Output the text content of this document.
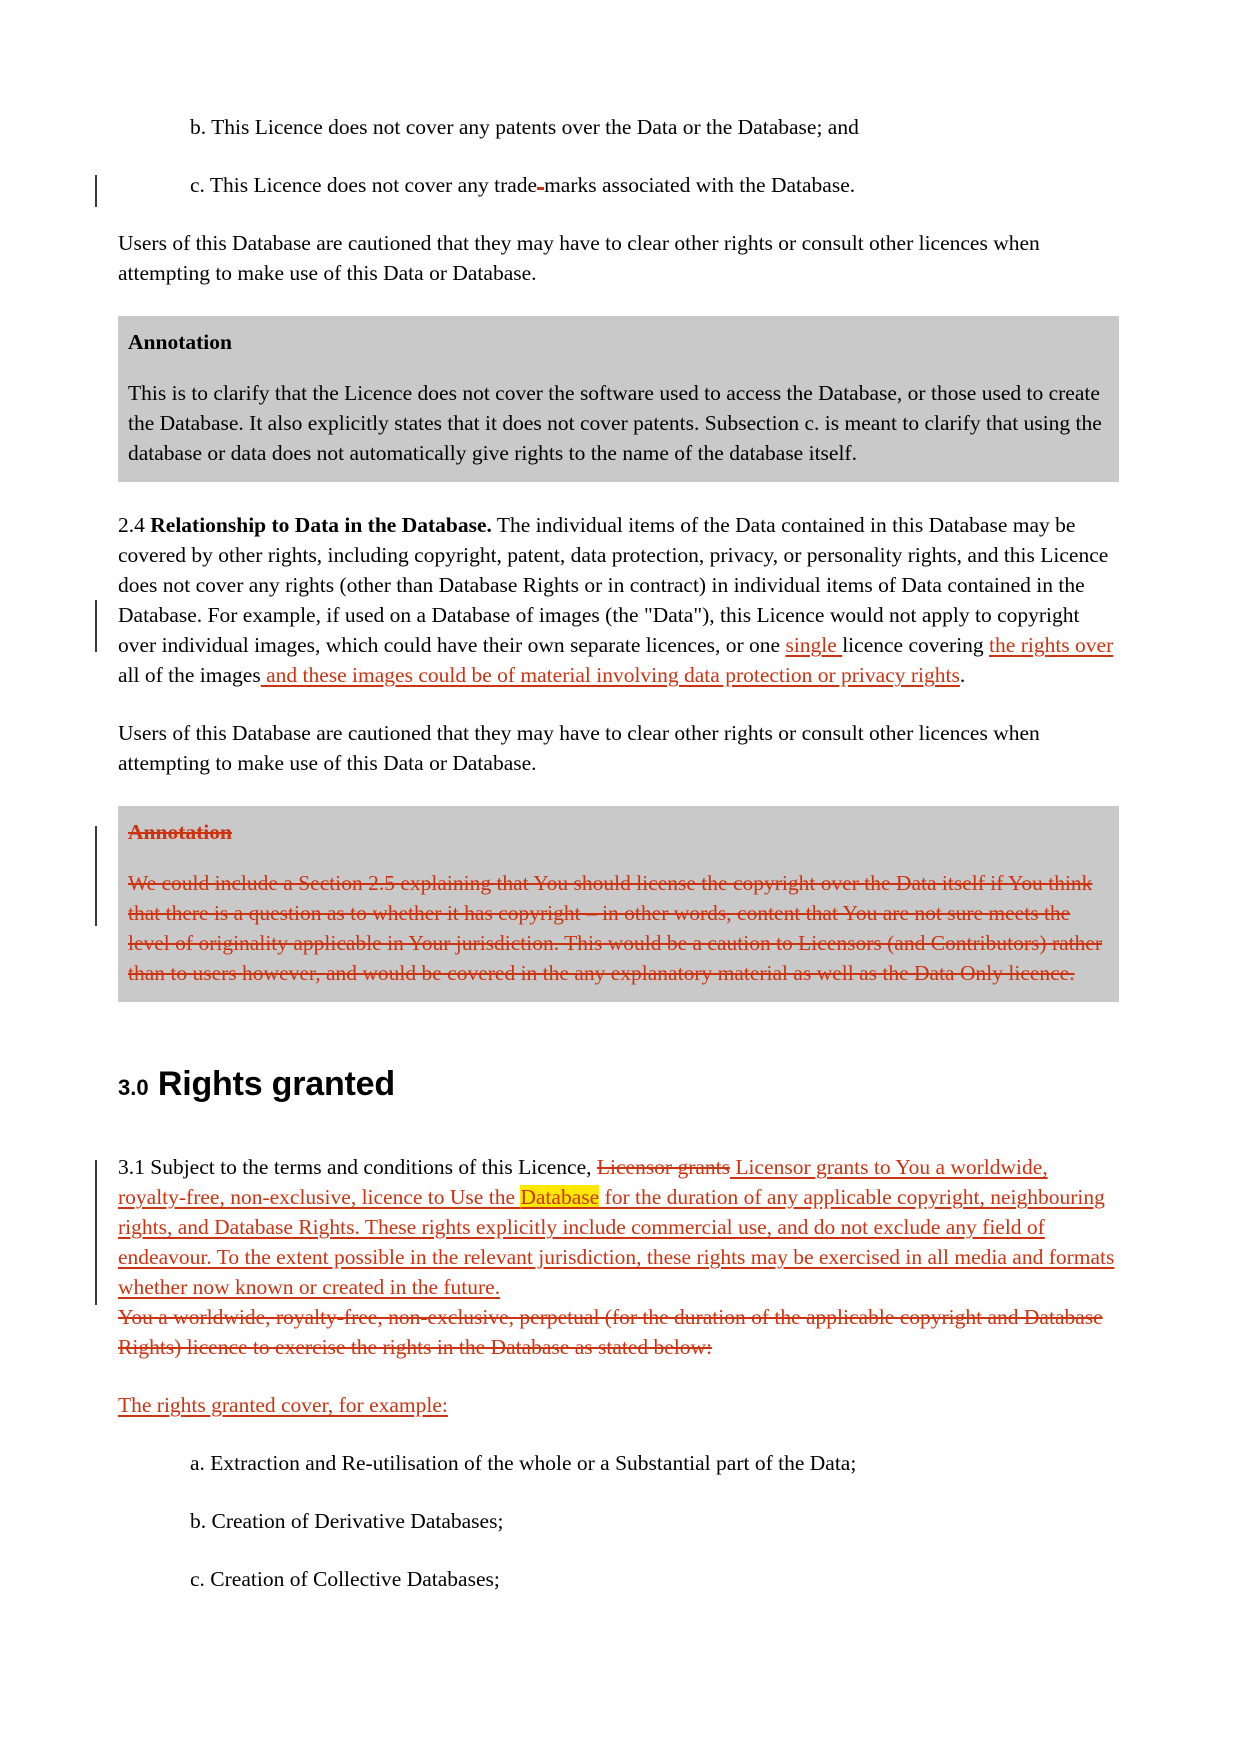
b. This Licence does not cover any patents over the Data or the Database; and

c. This Licence does not cover any trade marks associated with the Database.

Users of this Database are cautioned that they may have to clear other rights or consult other licences when attempting to make use of this Data or Database.

Annotation

This is to clarify that the Licence does not cover the software used to access the Database, or those used to create the Database. It also explicitly states that it does not cover patents. Subsection c. is meant to clarify that using the database or data does not automatically give rights to the name of the database itself.

2.4 Relationship to Data in the Database. The individual items of the Data contained in this Database may be covered by other rights, including copyright, patent, data protection, privacy, or personality rights, and this Licence does not cover any rights (other than Database Rights or in contract) in individual items of Data contained in the Database. For example, if used on a Database of images (the "Data"), this Licence would not apply to copyright over individual images, which could have their own separate licences, or one single licence covering the rights over all of the images and these images could be of material involving data protection or privacy rights.

Users of this Database are cautioned that they may have to clear other rights or consult other licences when attempting to make use of this Data or Database.

Annotation

We could include a Section 2.5 explaining that You should license the copyright over the Data itself if You think that there is a question as to whether it has copyright – in other words, content that You are not sure meets the level of originality applicable in Your jurisdiction. This would be a caution to Licensors (and Contributors) rather than to users however, and would be covered in the any explanatory material as well as the Data Only licence.

3.0 Rights granted

3.1 Subject to the terms and conditions of this Licence, Licensor grants Licensor grants to You a worldwide, royalty-free, non-exclusive, licence to Use the Database for the duration of any applicable copyright, neighbouring rights, and Database Rights. These rights explicitly include commercial use, and do not exclude any field of endeavour. To the extent possible in the relevant jurisdiction, these rights may be exercised in all media and formats whether now known or created in the future.

You a worldwide, royalty-free, non-exclusive, perpetual (for the duration of the applicable copyright and Database Rights) licence to exercise the rights in the Database as stated below:

The rights granted cover, for example:

a. Extraction and Re-utilisation of the whole or a Substantial part of the Data;

b. Creation of Derivative Databases;

c. Creation of Collective Databases;
